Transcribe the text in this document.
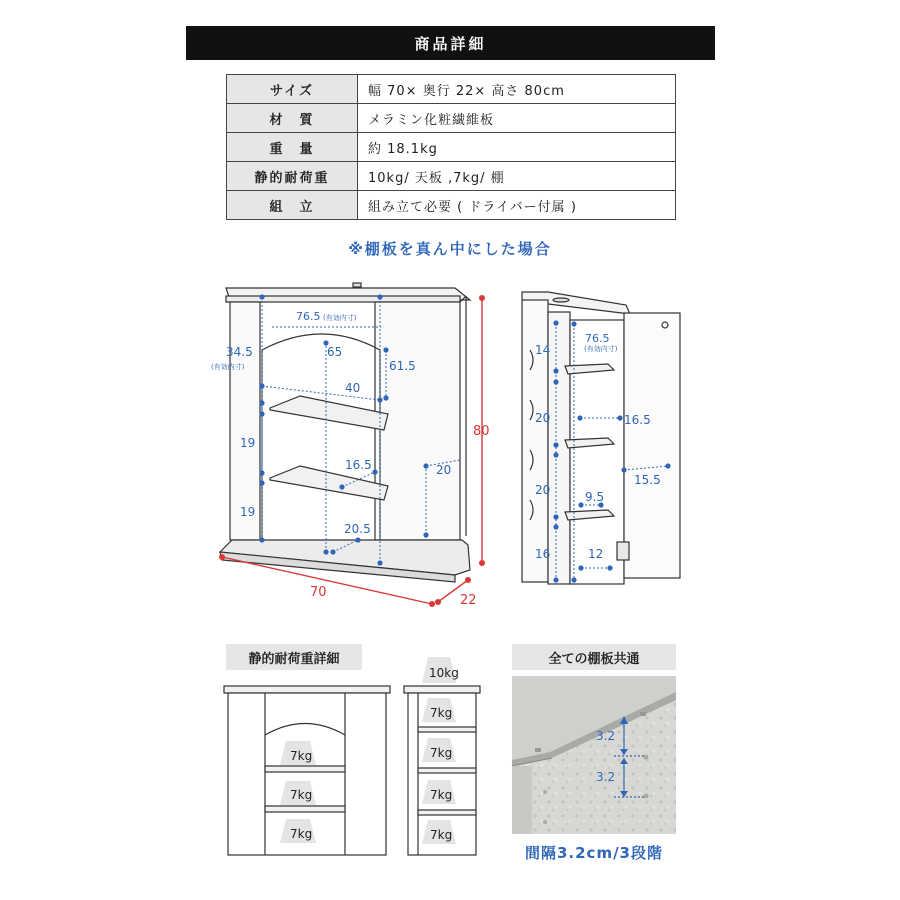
商品詳細
サイズ	幅 70× 奥行 22× 高さ 80cm
材　質	メラミン化粧繊維板
重　量	約 18.1kg
静的耐荷重	10kg/ 天板 ,7kg/ 棚
組　立	組み立て必要 ( ドライバー付属 )
※棚板を真ん中にした場合
76.5 (有効内寸)
34.5
(有効内寸)
65
61.5
40
19
16.5	20
19
20.5
80
70
22
76.5
(有効内寸)
14
20	16.5
15.5
20	9.5
16	12
10kg
7kg
7kg
7kg
7kg
7kg
7kg
7kg
3.2
3.2
静的耐荷重詳細	全ての棚板共通
間隔3.2cm/3段階
